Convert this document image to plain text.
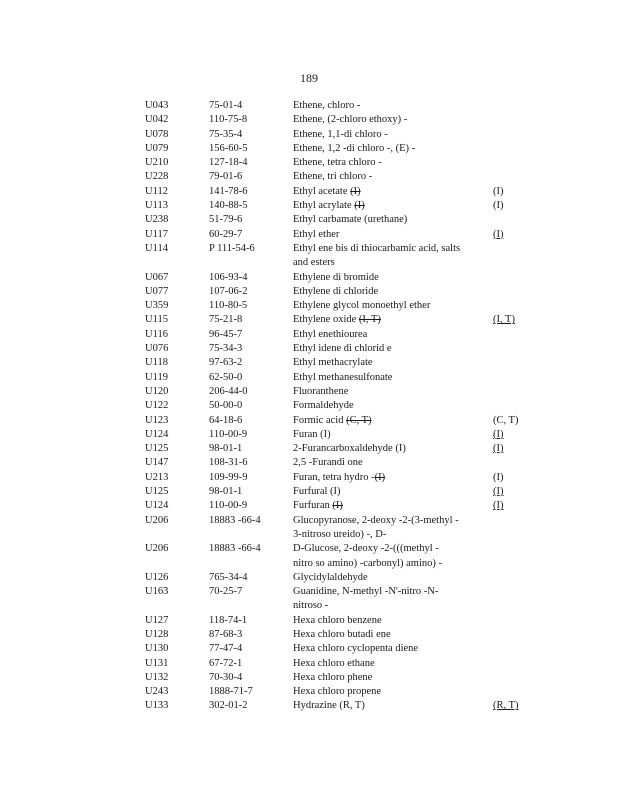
189
U043	75-01-4	Ethene, chloro -
U042	110-75-8	Ethene, (2-chloro ethoxy) -
U078	75-35-4	Ethene, 1,1-di chloro -
U079	156-60-5	Ethene, 1,2 -di chloro -, (E) -
U210	127-18-4	Ethene, tetra chloro -
U228	79-01-6	Ethene, tri chloro -
U112	141-78-6	Ethyl acetate (I)	(I)
U113	140-88-5	Ethyl acrylate (I)	(I)
U238	51-79-6	Ethyl carbamate (urethane)
U117	60-29-7	Ethyl ether	(I)
U114	P 111-54-6	Ethyl ene bis di thiocarbamic acid, salts
and esters
U067	106-93-4	Ethylene di bromide
U077	107-06-2	Ethylene di chloride
U359	110-80-5	Ethylene glycol monoethyl ether
U115	75-21-8	Ethylene oxide (I, T)	(I, T)
U116	96-45-7	Ethyl enethiourea
U076	75-34-3	Ethyl idene di chlorid e
U118	97-63-2	Ethyl methacrylate
U119	62-50-0	Ethyl methanesulfonate
U120	206-44-0	Fluoranthene
U122	50-00-0	Formaldehyde
U123	64-18-6	Formic acid (C, T)	(C, T)
U124	110-00-9	Furan (I)	(I)
U125	98-01-1	2-Furancarboxaldehyde (I)	(I)
U147	108-31-6	2,5 -Furandi one
U213	109-99-9	Furan, tetra hydro -(I)	(I)
U125	98-01-1	Furfural (I)	(I)
U124	110-00-9	Furfuran (I)	(I)
U206	18883 -66-4	Glucopyranose, 2-deoxy -2-(3-methyl -
3-nitroso ureido) -, D-
U206	18883 -66-4	D-Glucose, 2-deoxy -2-(((methyl -
nitro so amino) -carbonyl) amino) -
U126	765-34-4	Glycidylaldehyde
U163	70-25-7	Guanidine, N-methyl -N'-nitro -N-
nitroso -
U127	118-74-1	Hexa chloro benzene
U128	87-68-3	Hexa chloro butadi ene
U130	77-47-4	Hexa chloro cyclopenta diene
U131	67-72-1	Hexa chloro ethane
U132	70-30-4	Hexa chloro phene
U243	1888-71-7	Hexa chloro propene
U133	302-01-2	Hydrazine (R, T)	(R, T)
